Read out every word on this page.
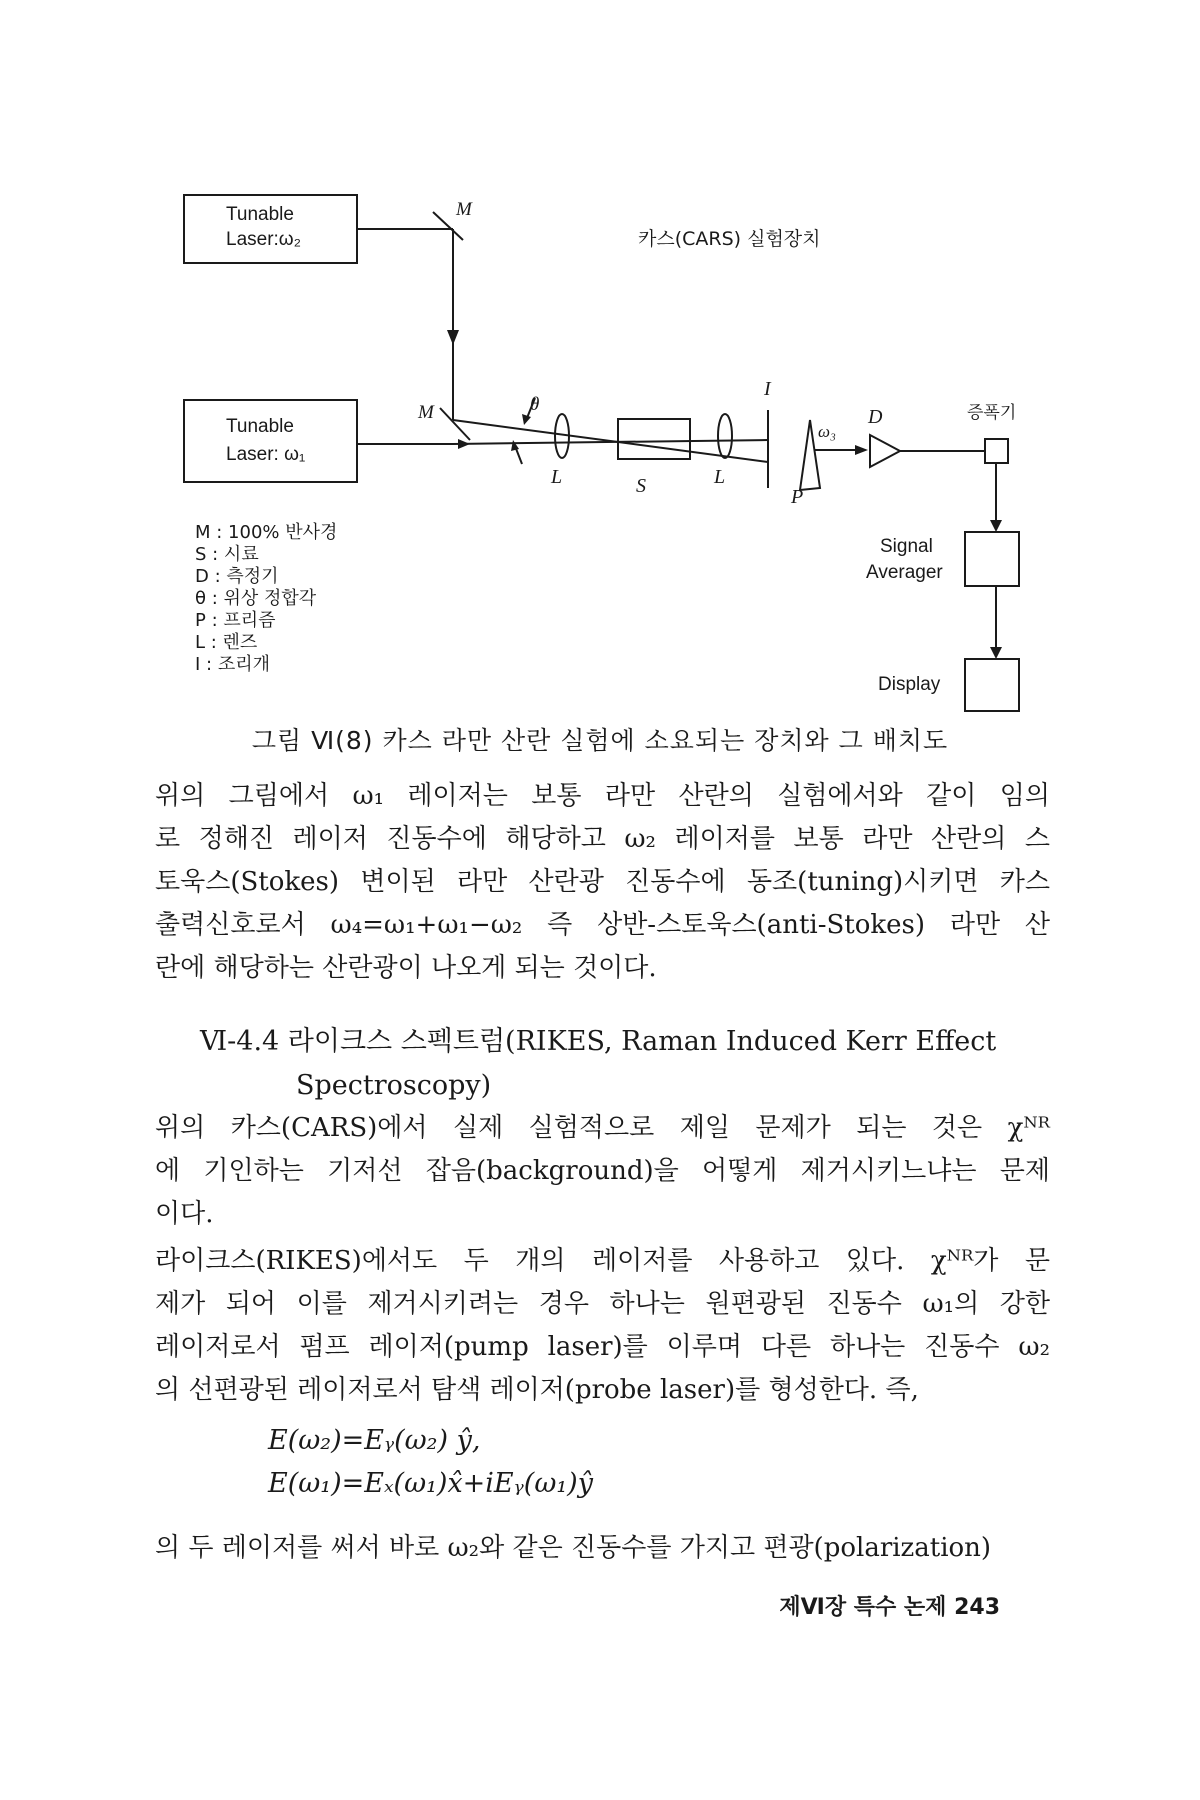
카스(CARS) 실험장치
Tunable
Laser:ω₂
Tunable
Laser: ω₁
M
M	θ
I
ω₃
D
L	S	L
P
증폭기
Signal
Averager
Display
M : 100% 반사경
S : 시료
D : 측정기
θ : 위상 정합각
P : 프리즘
L : 렌즈
I : 조리개
그림 Ⅵ(8) 카스 라만 산란 실험에 소요되는 장치와 그 배치도
위의 그림에서 ω₁ 레이저는 보통 라만 산란의 실험에서와 같이 임의
로 정해진 레이저 진동수에 해당하고 ω₂ 레이저를 보통 라만 산란의 스
토욱스(Stokes) 변이된 라만 산란광 진동수에 동조(tuning)시키면 카스
출력신호로서 ω₄=ω₁+ω₁−ω₂ 즉 상반-스토욱스(anti-Stokes) 라만 산
란에 해당하는 산란광이 나오게 되는 것이다.
Ⅵ-4.4 라이크스 스펙트럼(RIKES, Raman Induced Kerr Effect
Spectroscopy)
위의 카스(CARS)에서 실제 실험적으로 제일 문제가 되는 것은 χᴺᴿ
에 기인하는 기저선 잡음(background)을 어떻게 제거시키느냐는 문제
이다.
라이크스(RIKES)에서도 두 개의 레이저를 사용하고 있다. χᴺᴿ가 문
제가 되어 이를 제거시키려는 경우 하나는 원편광된 진동수 ω₁의 강한
레이저로서 펌프 레이저(pump laser)를 이루며 다른 하나는 진동수 ω₂
의 선편광된 레이저로서 탐색 레이저(probe laser)를 형성한다. 즉,
E(ω₂)=Eᵧ(ω₂) ŷ,
E(ω₁)=Eₓ(ω₁)x̂+iEᵧ(ω₁)ŷ
의 두 레이저를 써서 바로 ω₂와 같은 진동수를 가지고 편광(polarization)
제Ⅵ장 특수 논제 243
